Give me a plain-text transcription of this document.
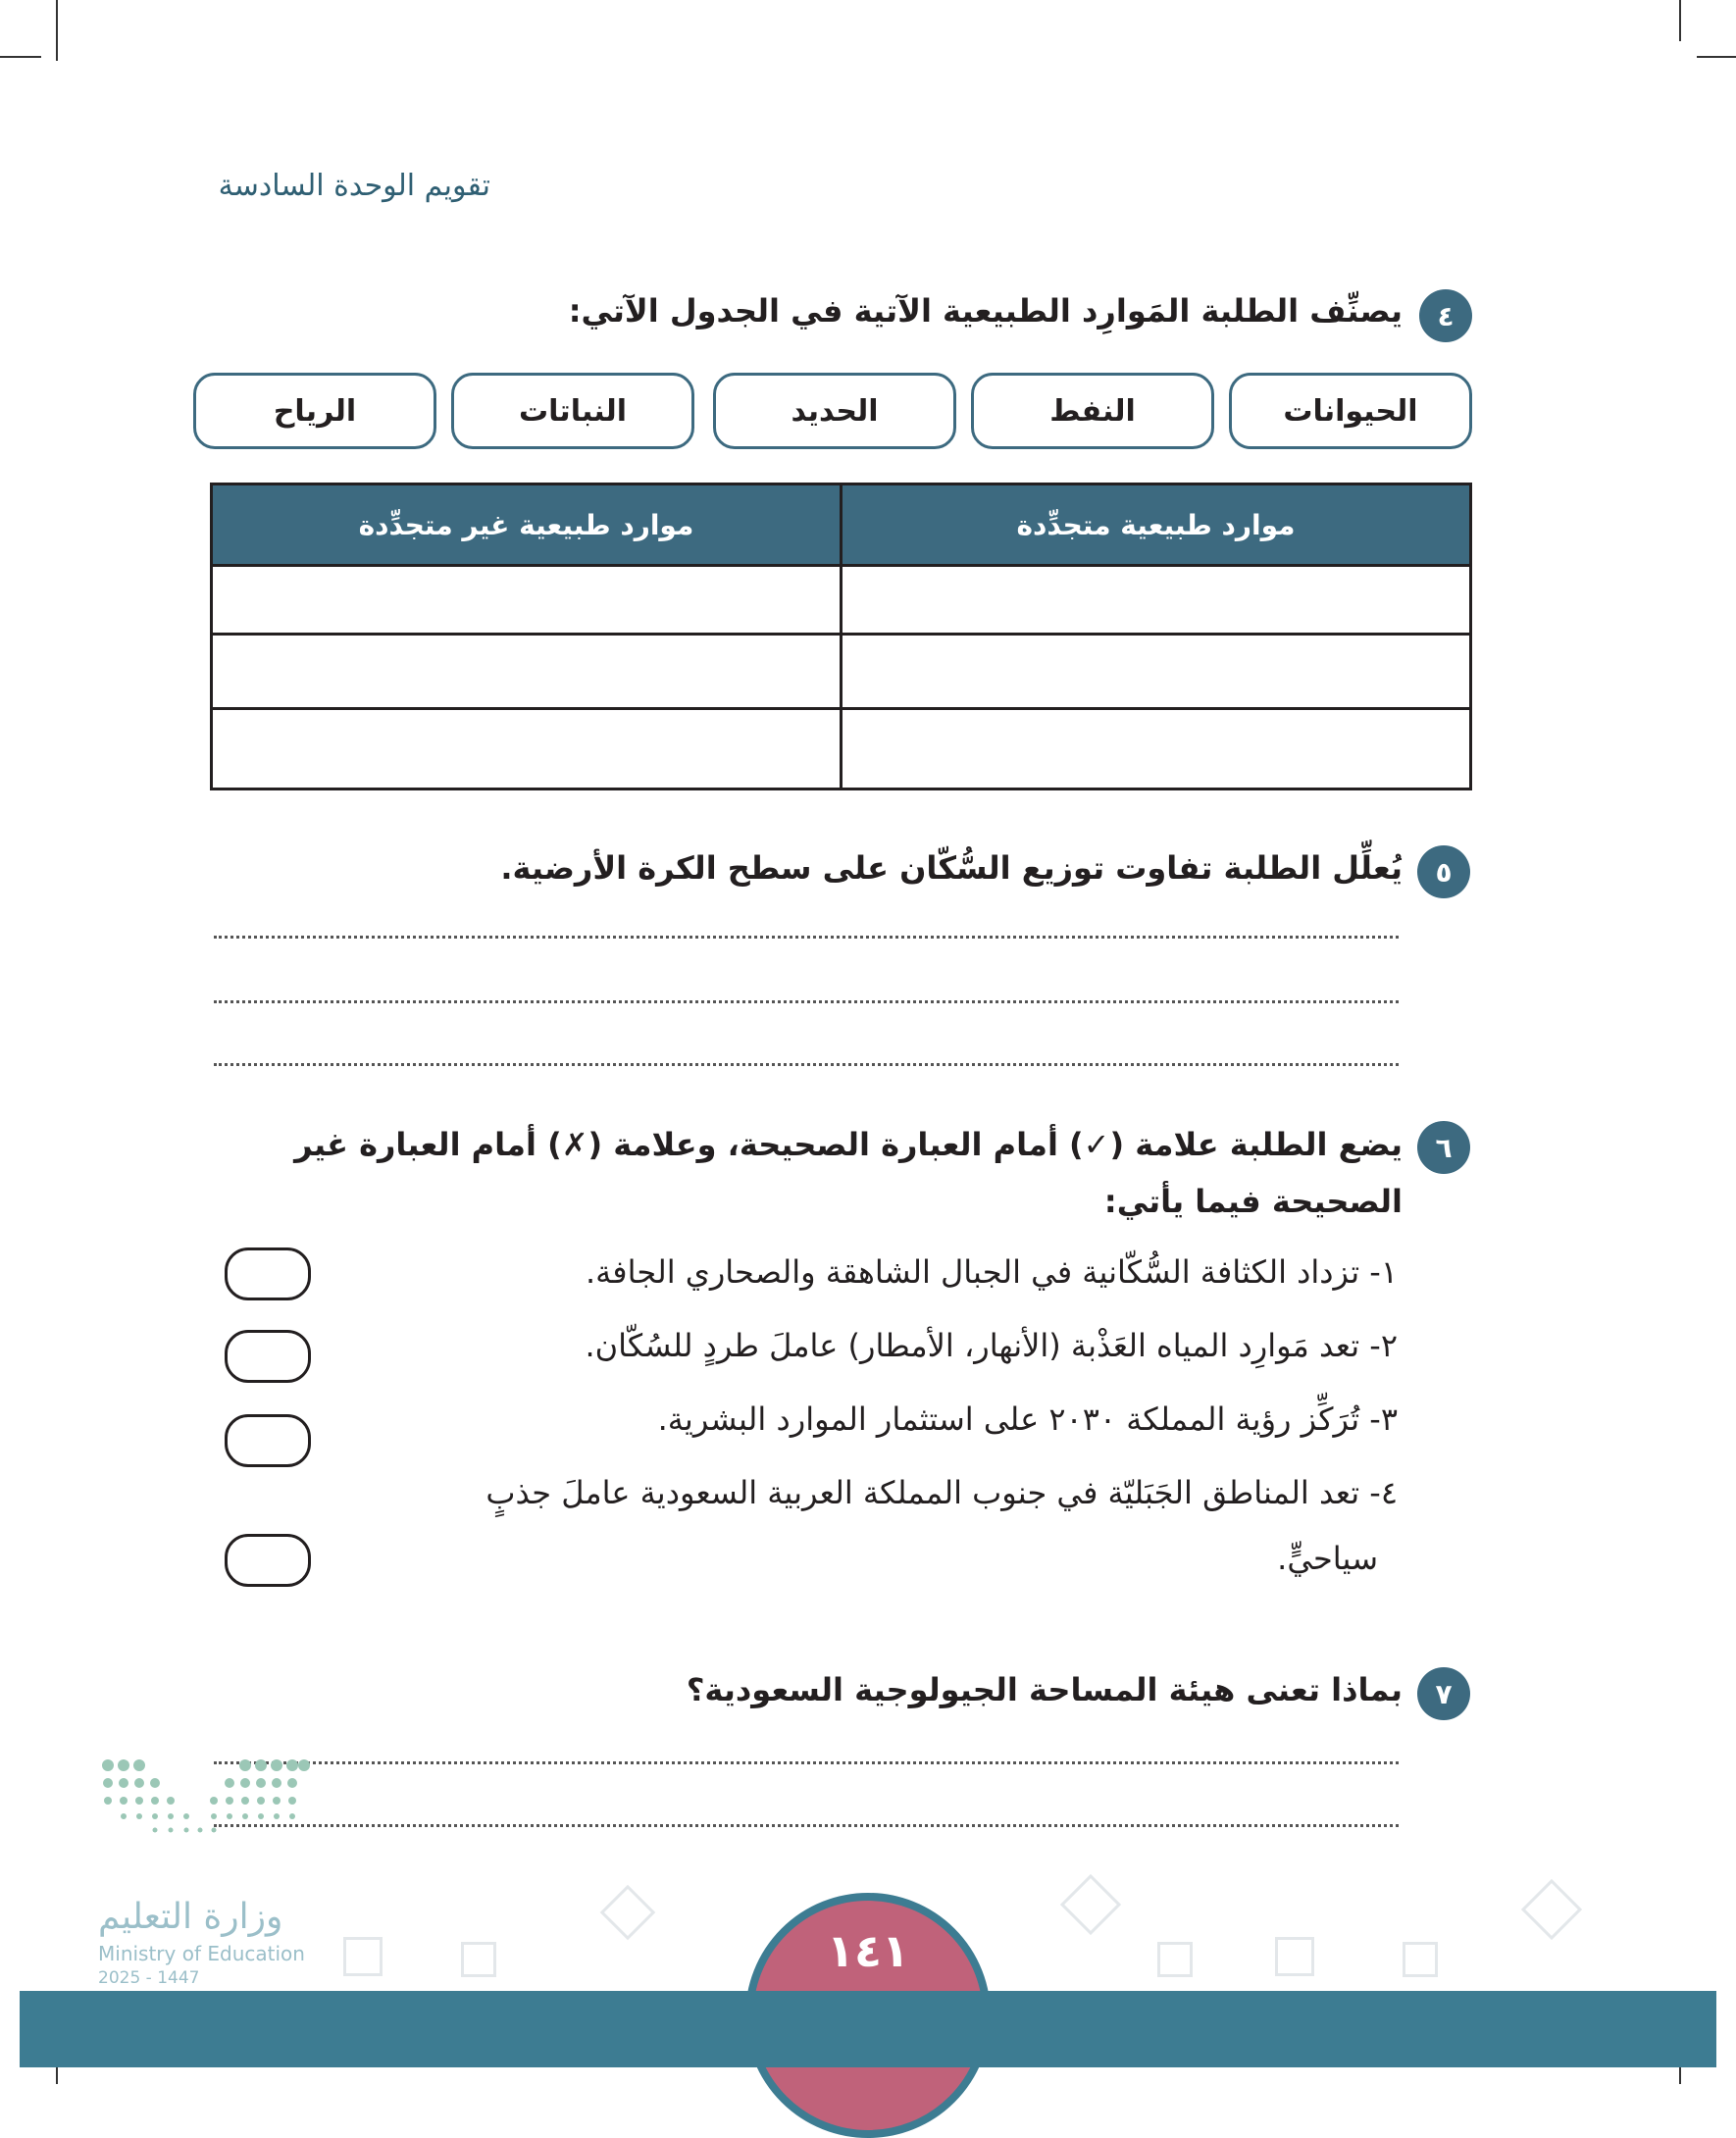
تقويم الوحدة السادسة
٤
يصنِّف الطلبة المَوارِد الطبيعية الآتية في الجدول الآتي:
الحيوانات
النفط
الحديد
النباتات
الرياح
موارد طبيعية متجدِّدة	موارد طبيعية غير متجدِّدة

٥
يُعلِّل الطلبة تفاوت توزيع السُّكّان على سطح الكرة الأرضية.
٦
يضع الطلبة علامة (✓) أمام العبارة الصحيحة، وعلامة (✗) أمام العبارة غير
الصحيحة فيما يأتي:
١- تزداد الكثافة السُّكّانية في الجبال الشاهقة والصحاري الجافة.
٢- تعد مَوارِد المياه العَذْبة (الأنهار، الأمطار) عاملَ طردٍ للسُكّان.
٣- تُرَكِّز رؤية المملكة ٢٠٣٠ على استثمار الموارد البشرية.
٤- تعد المناطق الجَبَليّة في جنوب المملكة العربية السعودية عاملَ جذبٍ
سياحيٍّ.
٧
بماذا تعنى هيئة المساحة الجيولوجية السعودية؟
وزارة التعليم
Ministry of Education
2025 - 1447
١٤١
